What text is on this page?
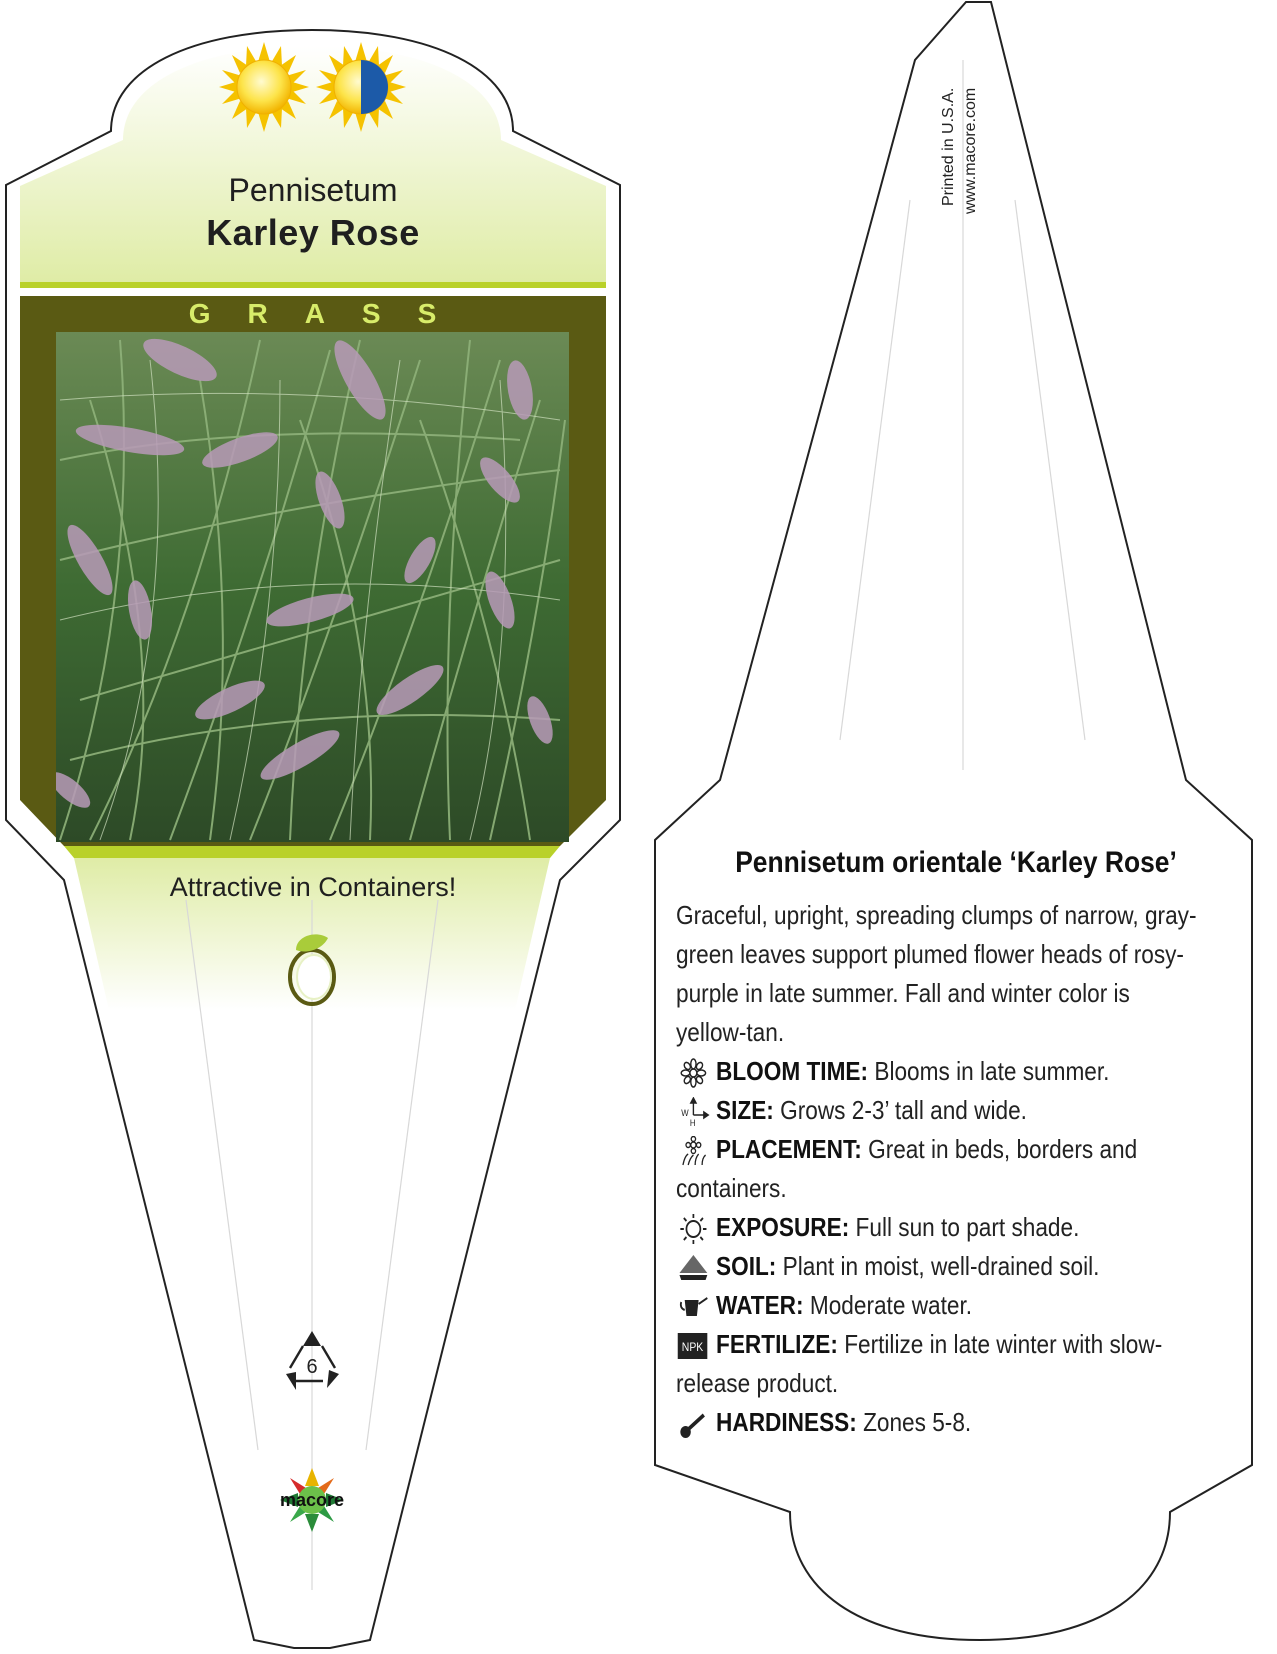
Pennisetum
Karley Rose
GRASS
Attractive in Containers!
6
macore
Printed in U.S.A. www.macore.com
Pennisetum orientale ‘Karley Rose’
Graceful, upright, spreading clumps of narrow, gray-green leaves support plumed flower heads of rosy-purple in late summer. Fall and winter color is yellow-tan.
BLOOM TIME: Blooms in late summer.
W
H SIZE: Grows 2-3’ tall and wide.
PLACEMENT: Great in beds, borders and containers.
EXPOSURE: Full sun to part shade.
SOIL: Plant in moist, well-drained soil.
WATER: Moderate water.
NPK FERTILIZE: Fertilize in late winter with slow-release product.
HARDINESS: Zones 5-8.
